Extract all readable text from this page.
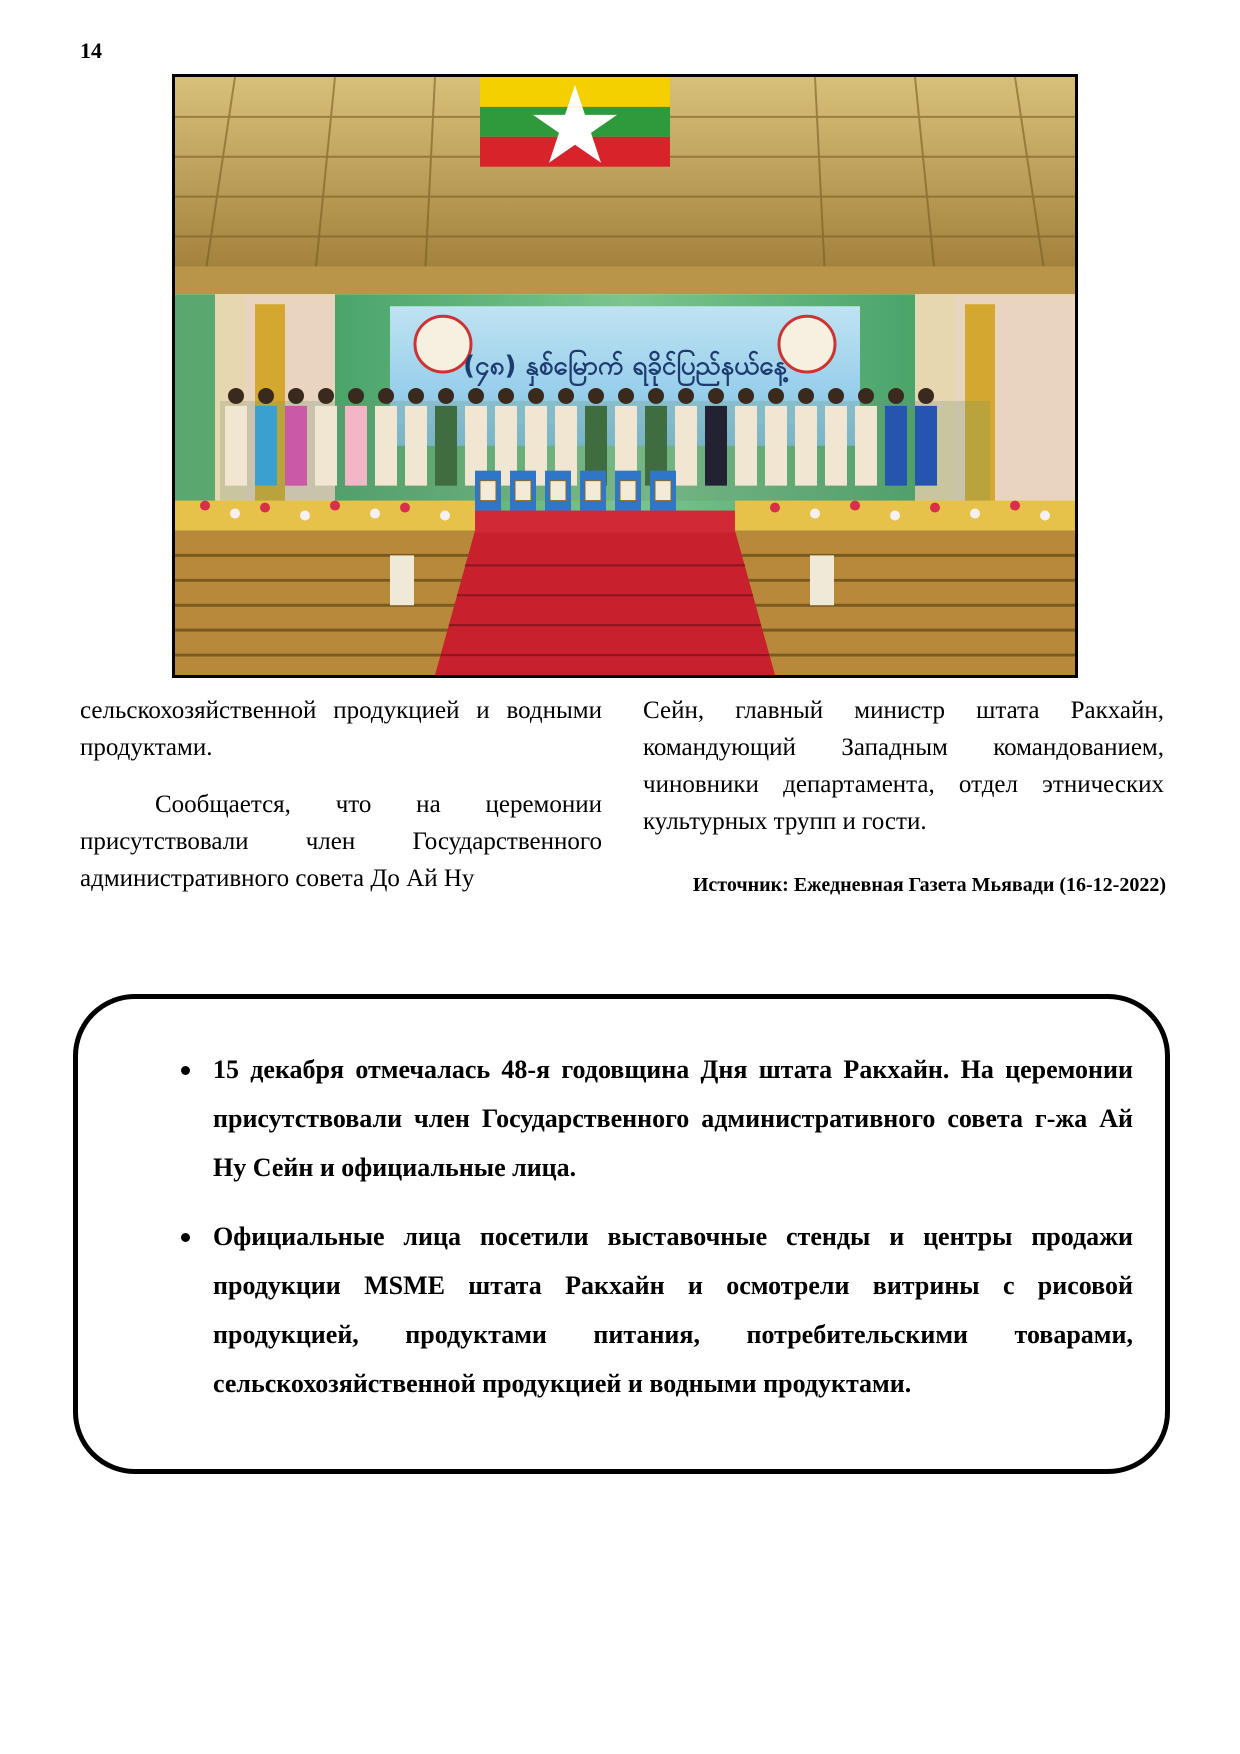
14
(၄၈) နှစ်မြောက် ရခိုင်ပြည်နယ်နေ့

сельскохозяйственной продукцией и водными продуктами.

Сообщается, что на церемонии присутствовали член Государственного административного совета До Ай Ну

Сейн, главный министр штата Ракхайн, командующий Западным командованием, чиновники департамента, отдел этнических культурных трупп и гости.

Источник: Ежедневная Газета Мьявади (16-12-2022)
15 декабря отмечалась 48-я годовщина Дня штата Ракхайн. На церемонии присутствовали член Государственного административного совета г-жа Ай Ну Сейн и официальные лица.
Официальные лица посетили выставочные стенды и центры продажи продукции MSME штата Ракхайн и осмотрели витрины с рисовой продукцией, продуктами питания, потребительскими товарами, сельскохозяйственной продукцией и водными продуктами.
